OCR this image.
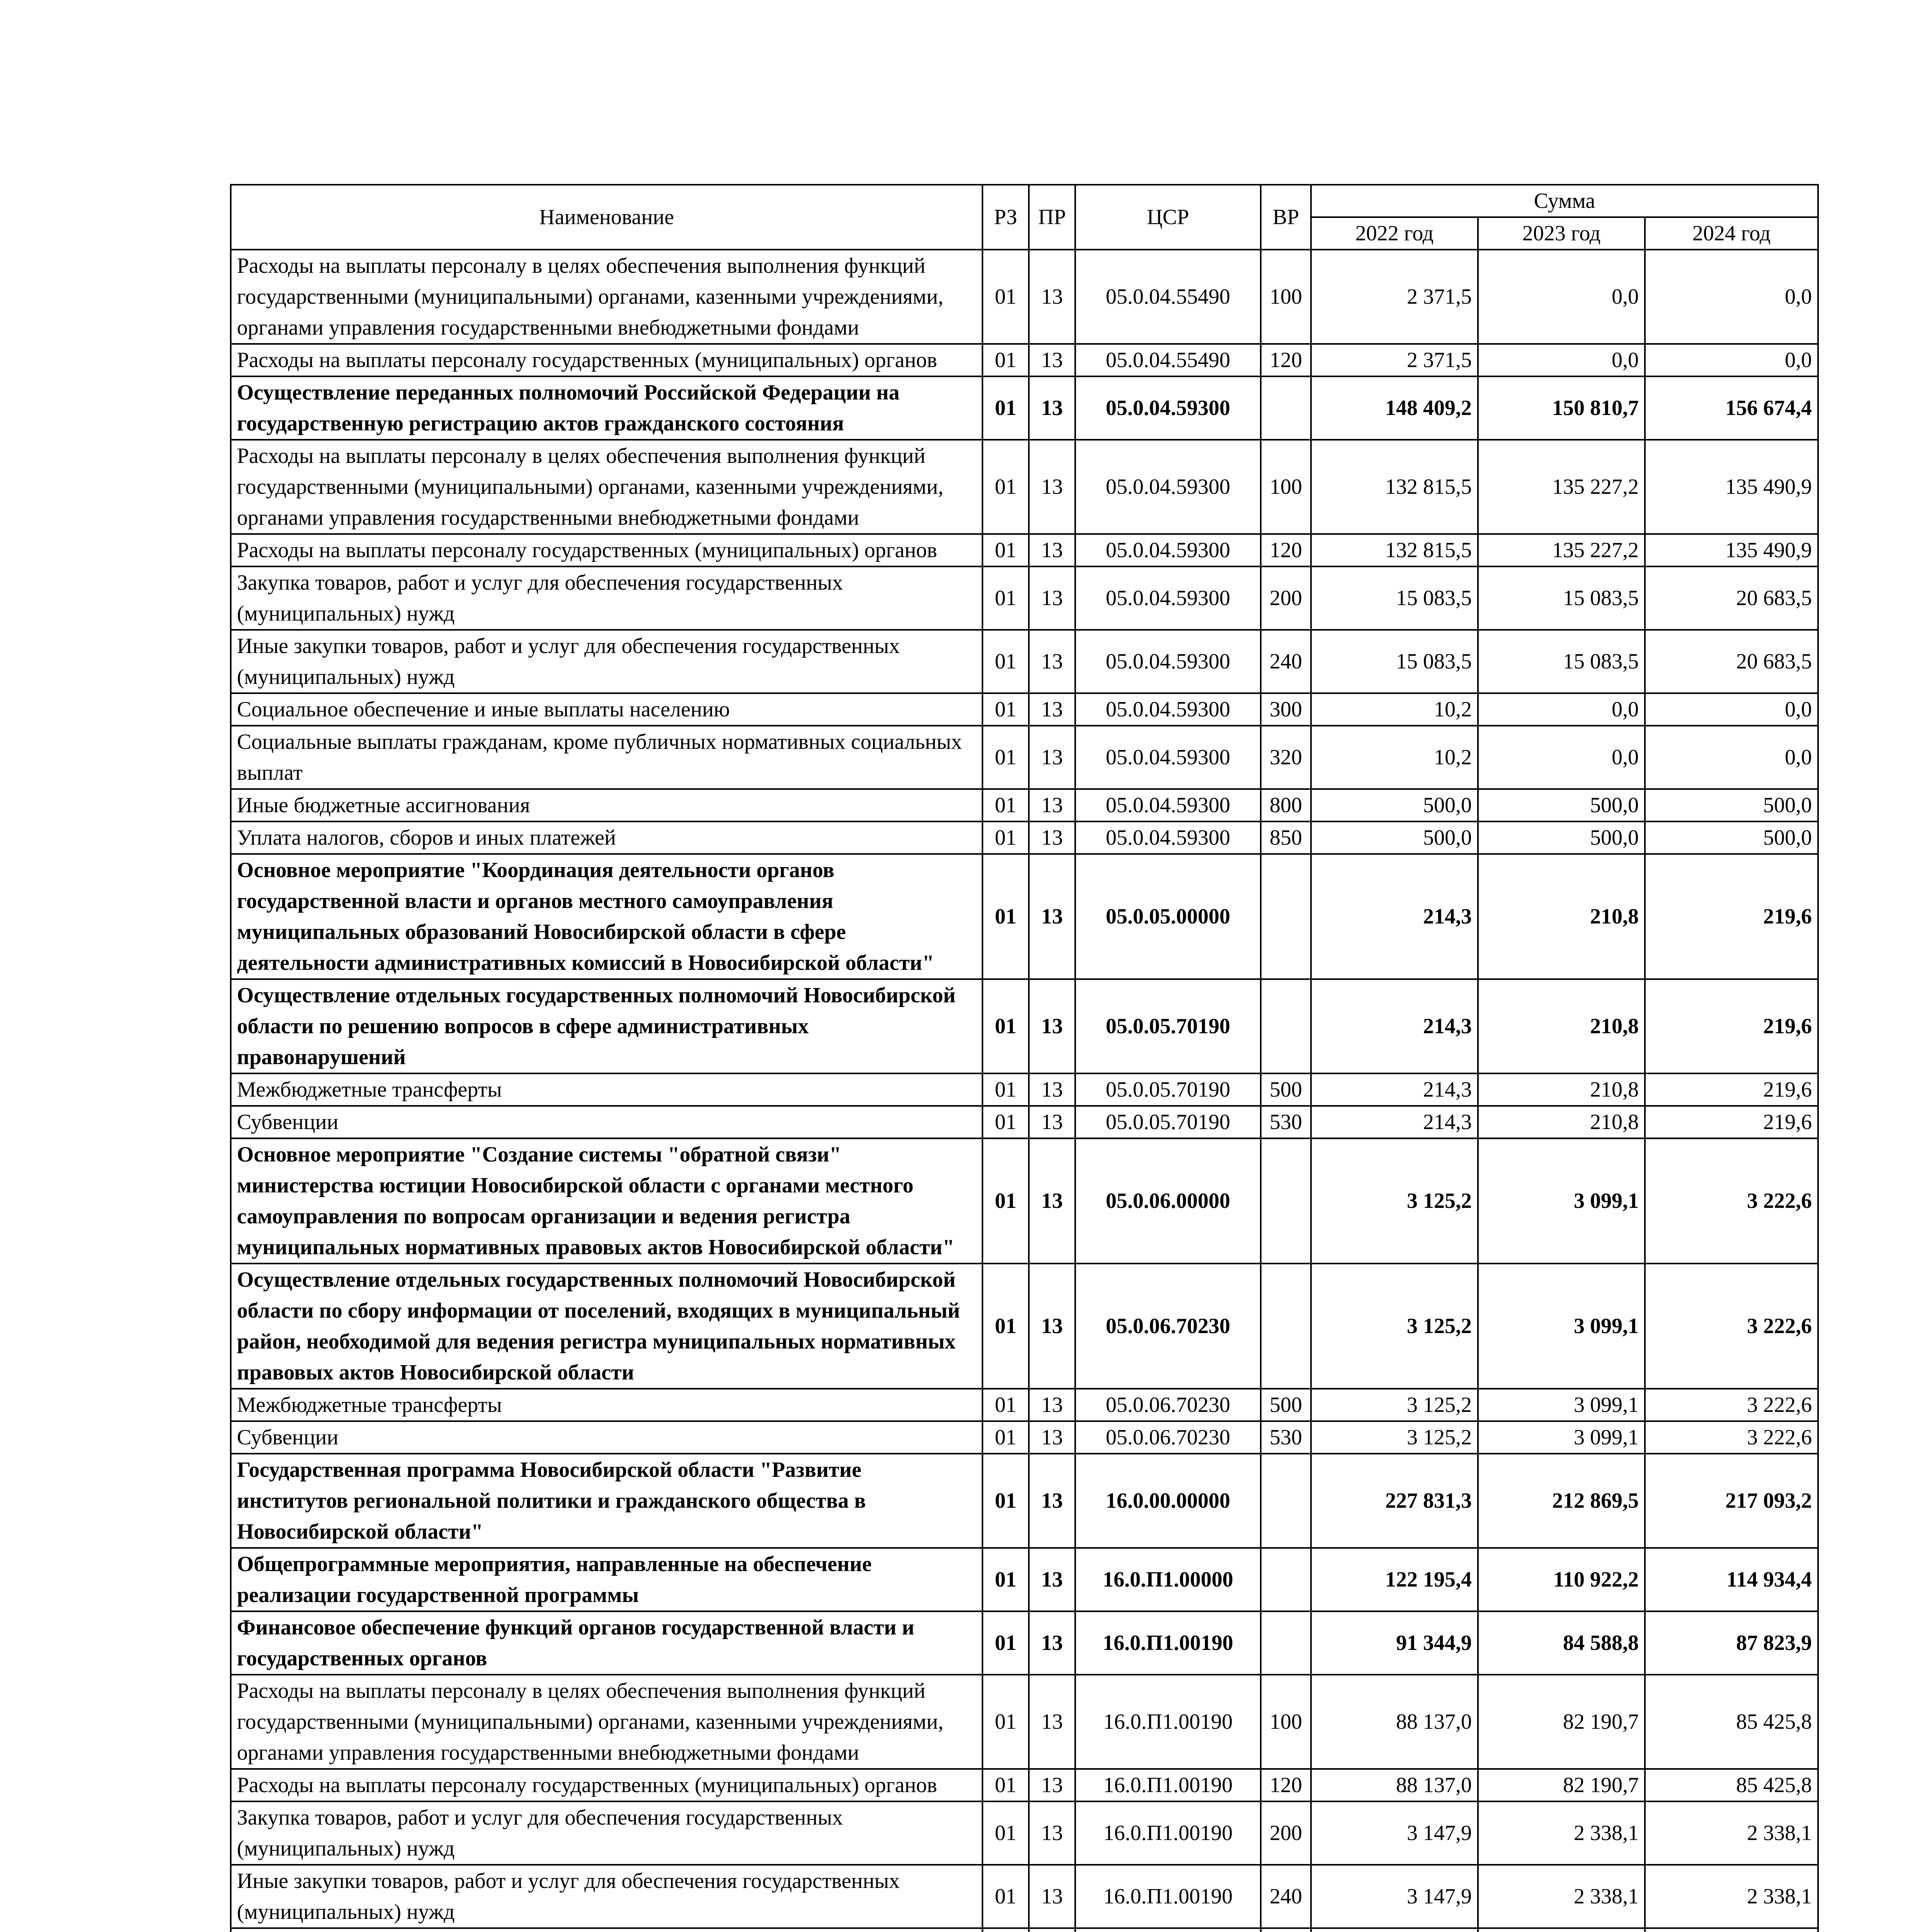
Наименование	РЗ	ПР	ЦСР	ВР	Сумма		
					2022 год	2023 год	2024 год
Расходы на выплаты персоналу в целях обеспечения выполнения функций государственными (муниципальными) органами, казенными учреждениями, органами управления государственными внебюджетными фондами	01	13	05.0.04.55490	100	2 371,5	0,0	0,0
Расходы на выплаты персоналу государственных (муниципальных) органов	01	13	05.0.04.55490	120	2 371,5	0,0	0,0
Осуществление переданных полномочий Российской Федерации на государственную регистрацию актов гражданского состояния	01	13	05.0.04.59300		148 409,2	150 810,7	156 674,4
Расходы на выплаты персоналу в целях обеспечения выполнения функций государственными (муниципальными) органами, казенными учреждениями, органами управления государственными внебюджетными фондами	01	13	05.0.04.59300	100	132 815,5	135 227,2	135 490,9
Расходы на выплаты персоналу государственных (муниципальных) органов	01	13	05.0.04.59300	120	132 815,5	135 227,2	135 490,9
Закупка товаров, работ и услуг для обеспечения государственных (муниципальных) нужд	01	13	05.0.04.59300	200	15 083,5	15 083,5	20 683,5
Иные закупки товаров, работ и услуг для обеспечения государственных (муниципальных) нужд	01	13	05.0.04.59300	240	15 083,5	15 083,5	20 683,5
Социальное обеспечение и иные выплаты населению	01	13	05.0.04.59300	300	10,2	0,0	0,0
Социальные выплаты гражданам, кроме публичных нормативных социальных выплат	01	13	05.0.04.59300	320	10,2	0,0	0,0
Иные бюджетные ассигнования	01	13	05.0.04.59300	800	500,0	500,0	500,0
Уплата налогов, сборов и иных платежей	01	13	05.0.04.59300	850	500,0	500,0	500,0
Основное мероприятие "Координация деятельности органов государственной власти и органов местного самоуправления муниципальных образований Новосибирской области в сфере деятельности административных комиссий в Новосибирской области"	01	13	05.0.05.00000		214,3	210,8	219,6
Осуществление отдельных государственных полномочий Новосибирской области по решению вопросов в сфере административных правонарушений	01	13	05.0.05.70190		214,3	210,8	219,6
Межбюджетные трансферты	01	13	05.0.05.70190	500	214,3	210,8	219,6
Субвенции	01	13	05.0.05.70190	530	214,3	210,8	219,6
Основное мероприятие "Создание системы "обратной связи" министерства юстиции Новосибирской области с органами местного самоуправления по вопросам организации и ведения регистра муниципальных нормативных правовых актов Новосибирской области"	01	13	05.0.06.00000		3 125,2	3 099,1	3 222,6
Осуществление отдельных государственных полномочий Новосибирской области по сбору информации от поселений, входящих в муниципальный район, необходимой для ведения регистра муниципальных нормативных правовых актов Новосибирской области	01	13	05.0.06.70230		3 125,2	3 099,1	3 222,6
Межбюджетные трансферты	01	13	05.0.06.70230	500	3 125,2	3 099,1	3 222,6
Субвенции	01	13	05.0.06.70230	530	3 125,2	3 099,1	3 222,6
Государственная программа Новосибирской области "Развитие институтов региональной политики и гражданского общества в Новосибирской области"	01	13	16.0.00.00000		227 831,3	212 869,5	217 093,2
Общепрограммные мероприятия, направленные на обеспечение реализации государственной программы	01	13	16.0.П1.00000		122 195,4	110 922,2	114 934,4
Финансовое обеспечение функций органов государственной власти и государственных органов	01	13	16.0.П1.00190		91 344,9	84 588,8	87 823,9
Расходы на выплаты персоналу в целях обеспечения выполнения функций государственными (муниципальными) органами, казенными учреждениями, органами управления государственными внебюджетными фондами	01	13	16.0.П1.00190	100	88 137,0	82 190,7	85 425,8
Расходы на выплаты персоналу государственных (муниципальных) органов	01	13	16.0.П1.00190	120	88 137,0	82 190,7	85 425,8
Закупка товаров, работ и услуг для обеспечения государственных (муниципальных) нужд	01	13	16.0.П1.00190	200	3 147,9	2 338,1	2 338,1
Иные закупки товаров, работ и услуг для обеспечения государственных (муниципальных) нужд	01	13	16.0.П1.00190	240	3 147,9	2 338,1	2 338,1
